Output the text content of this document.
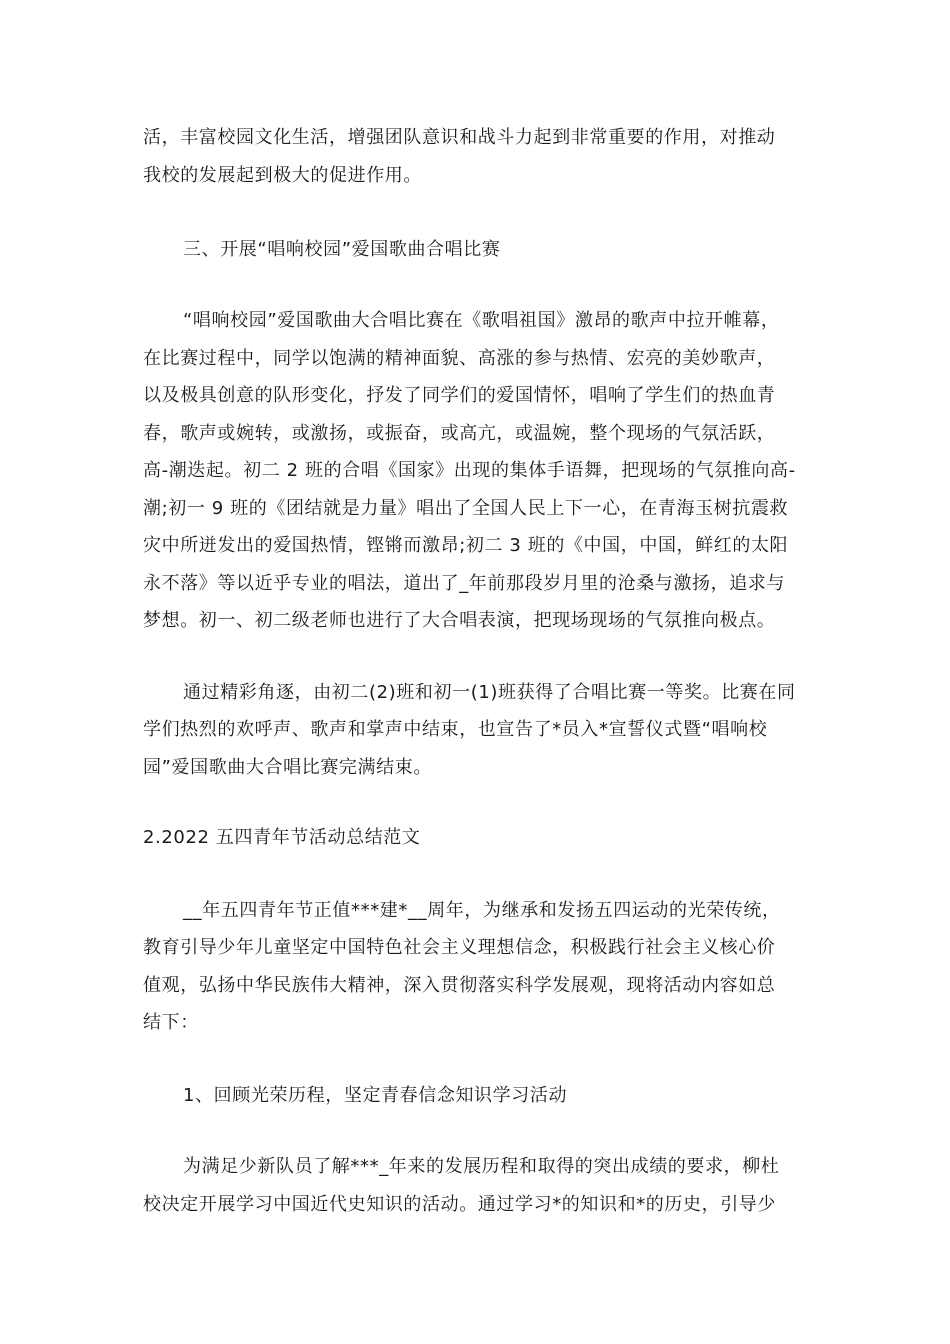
活，丰富校园文化生活，增强团队意识和战斗力起到非常重要的作用，对推动
我校的发展起到极大的促进作用。
三、开展“唱响校园”爱国歌曲合唱比赛
“唱响校园”爱国歌曲大合唱比赛在《歌唱祖国》激昂的歌声中拉开帷幕，
在比赛过程中，同学以饱满的精神面貌、高涨的参与热情、宏亮的美妙歌声，
以及极具创意的队形变化，抒发了同学们的爱国情怀，唱响了学生们的热血青
春，歌声或婉转，或激扬，或振奋，或高亢，或温婉，整个现场的气氛活跃，
高-潮迭起。初二 2 班的合唱《国家》出现的集体手语舞，把现场的气氛推向高-
潮;初一 9 班的《团结就是力量》唱出了全国人民上下一心，在青海玉树抗震救
灾中所迸发出的爱国热情，铿锵而激昂;初二 3 班的《中国，中国，鲜红的太阳
永不落》等以近乎专业的唱法，道出了_年前那段岁月里的沧桑与激扬，追求与
梦想。初一、初二级老师也进行了大合唱表演，把现场现场的气氛推向极点。
通过精彩角逐，由初二(2)班和初一(1)班获得了合唱比赛一等奖。比赛在同
学们热烈的欢呼声、歌声和掌声中结束，也宣告了*员入*宣誓仪式暨“唱响校
园”爱国歌曲大合唱比赛完满结束。
2.2022 五四青年节活动总结范文
__年五四青年节正值***建*__周年，为继承和发扬五四运动的光荣传统，
教育引导少年儿童坚定中国特色社会主义理想信念，积极践行社会主义核心价
值观，弘扬中华民族伟大精神，深入贯彻落实科学发展观，现将活动内容如总
结下：
1、回顾光荣历程，坚定青春信念知识学习活动
为满足少新队员了解***_年来的发展历程和取得的突出成绩的要求，柳杜
校决定开展学习中国近代史知识的活动。通过学习*的知识和*的历史，引导少
